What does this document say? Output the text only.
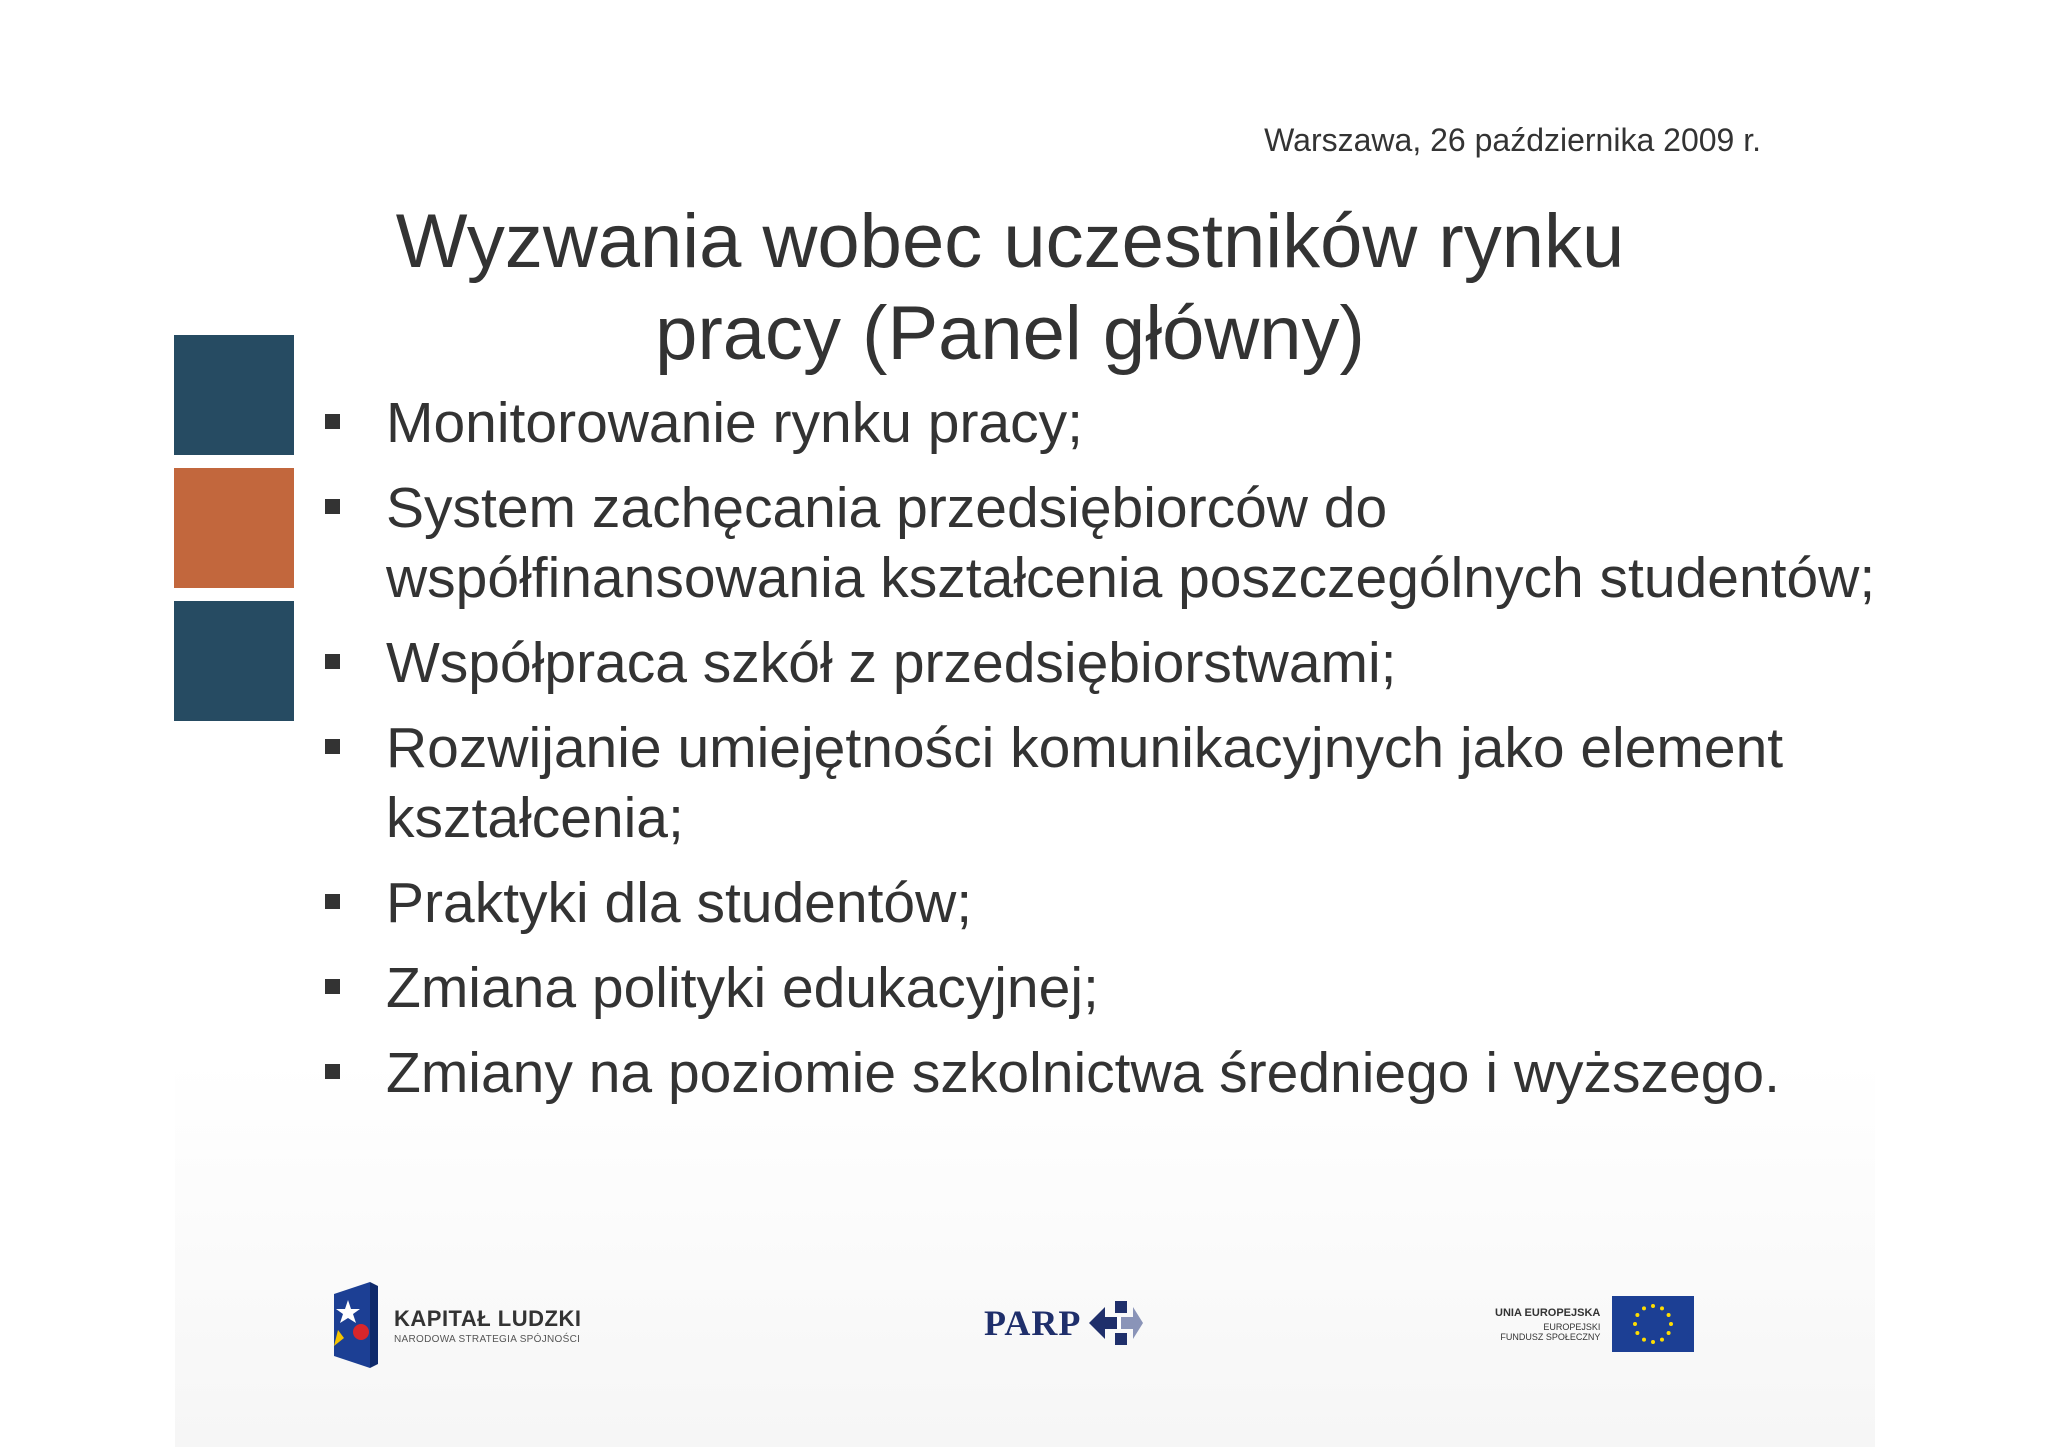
Warszawa, 26 października 2009 r.
Wyzwania wobec uczestników rynku
pracy (Panel główny)
Monitorowanie rynku pracy;
System zachęcania przedsiębiorców do współfinansowania kształcenia poszczególnych studentów;
Współpraca szkół z przedsiębiorstwami;
Rozwijanie umiejętności komunikacyjnych jako element kształcenia;
Praktyki dla studentów;
Zmiana polityki edukacyjnej;
Zmiany na poziomie szkolnictwa średniego i wyższego.
KAPITAŁ LUDZKI
NARODOWA STRATEGIA SPÓJNOŚCI	PARP	UNIA EUROPEJSKA
EUROPEJSKI
FUNDUSZ SPOŁECZNY
